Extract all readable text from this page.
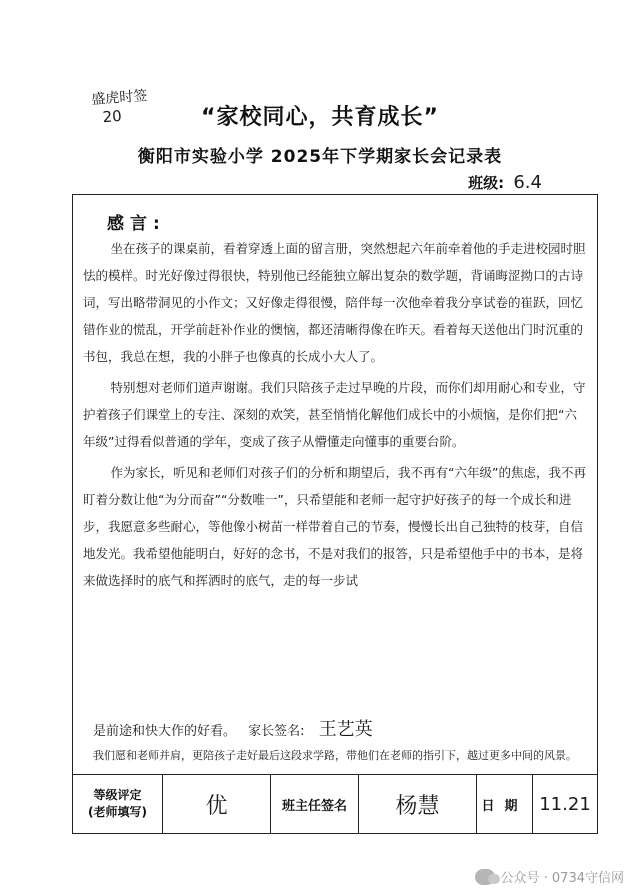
盛虎时签
20	“家校同心，共育成长”
衡阳市实验小学 2025年下学期家长会记录表
班级: 6.4
感言:

坐在孩子的课桌前，看着穿透上面的留言册，突然想起六年前牵着他的手走进校园时胆怯的模样。时光好像过得很快，特别他已经能独立解出复杂的数学题，背诵晦涩拗口的古诗词，写出略带洞见的小作文；又好像走得很慢，陪伴每一次他牵着我分享试卷的崔跃，回忆错作业的慌乱，开学前赶补作业的懊恼，都还清晰得像在昨天。看着每天送他出门时沉重的书包，我总在想，我的小胖子也像真的长成小大人了。

特别想对老师们道声谢谢。我们只陪孩子走过早晚的片段，而你们却用耐心和专业，守护着孩子们课堂上的专注、深刻的欢笑，甚至悄悄化解他们成长中的小烦恼，是你们把“六年级”过得看似普通的学年，变成了孩子从懵懂走向懂事的重要台阶。

作为家长，听见和老师们对孩子们的分析和期望后，我不再有“六年级”的焦虑，我不再盯着分数让他“为分而奋”“分数唯一”，只希望能和老师一起守护好孩子的每一个成长和进步，我愿意多些耐心，等他像小树苗一样带着自己的节奏，慢慢长出自己独特的枝芽，自信地发光。我希望他能明白，好好的念书，不是对我们的报答，只是希望他手中的书本，是将来做选择时的底气和挥洒时的底气，走的每一步试

是前途和快大作的好看。 家长签名: 王艺英
我们愿和老师并肩，更陪孩子走好最后这段求学路，带他们在老师的指引下，越过更多中间的风景。
等级评定
(老师填写)	优	班主任签名	杨慧	日期 11.21
公众号 · 0734守信网
